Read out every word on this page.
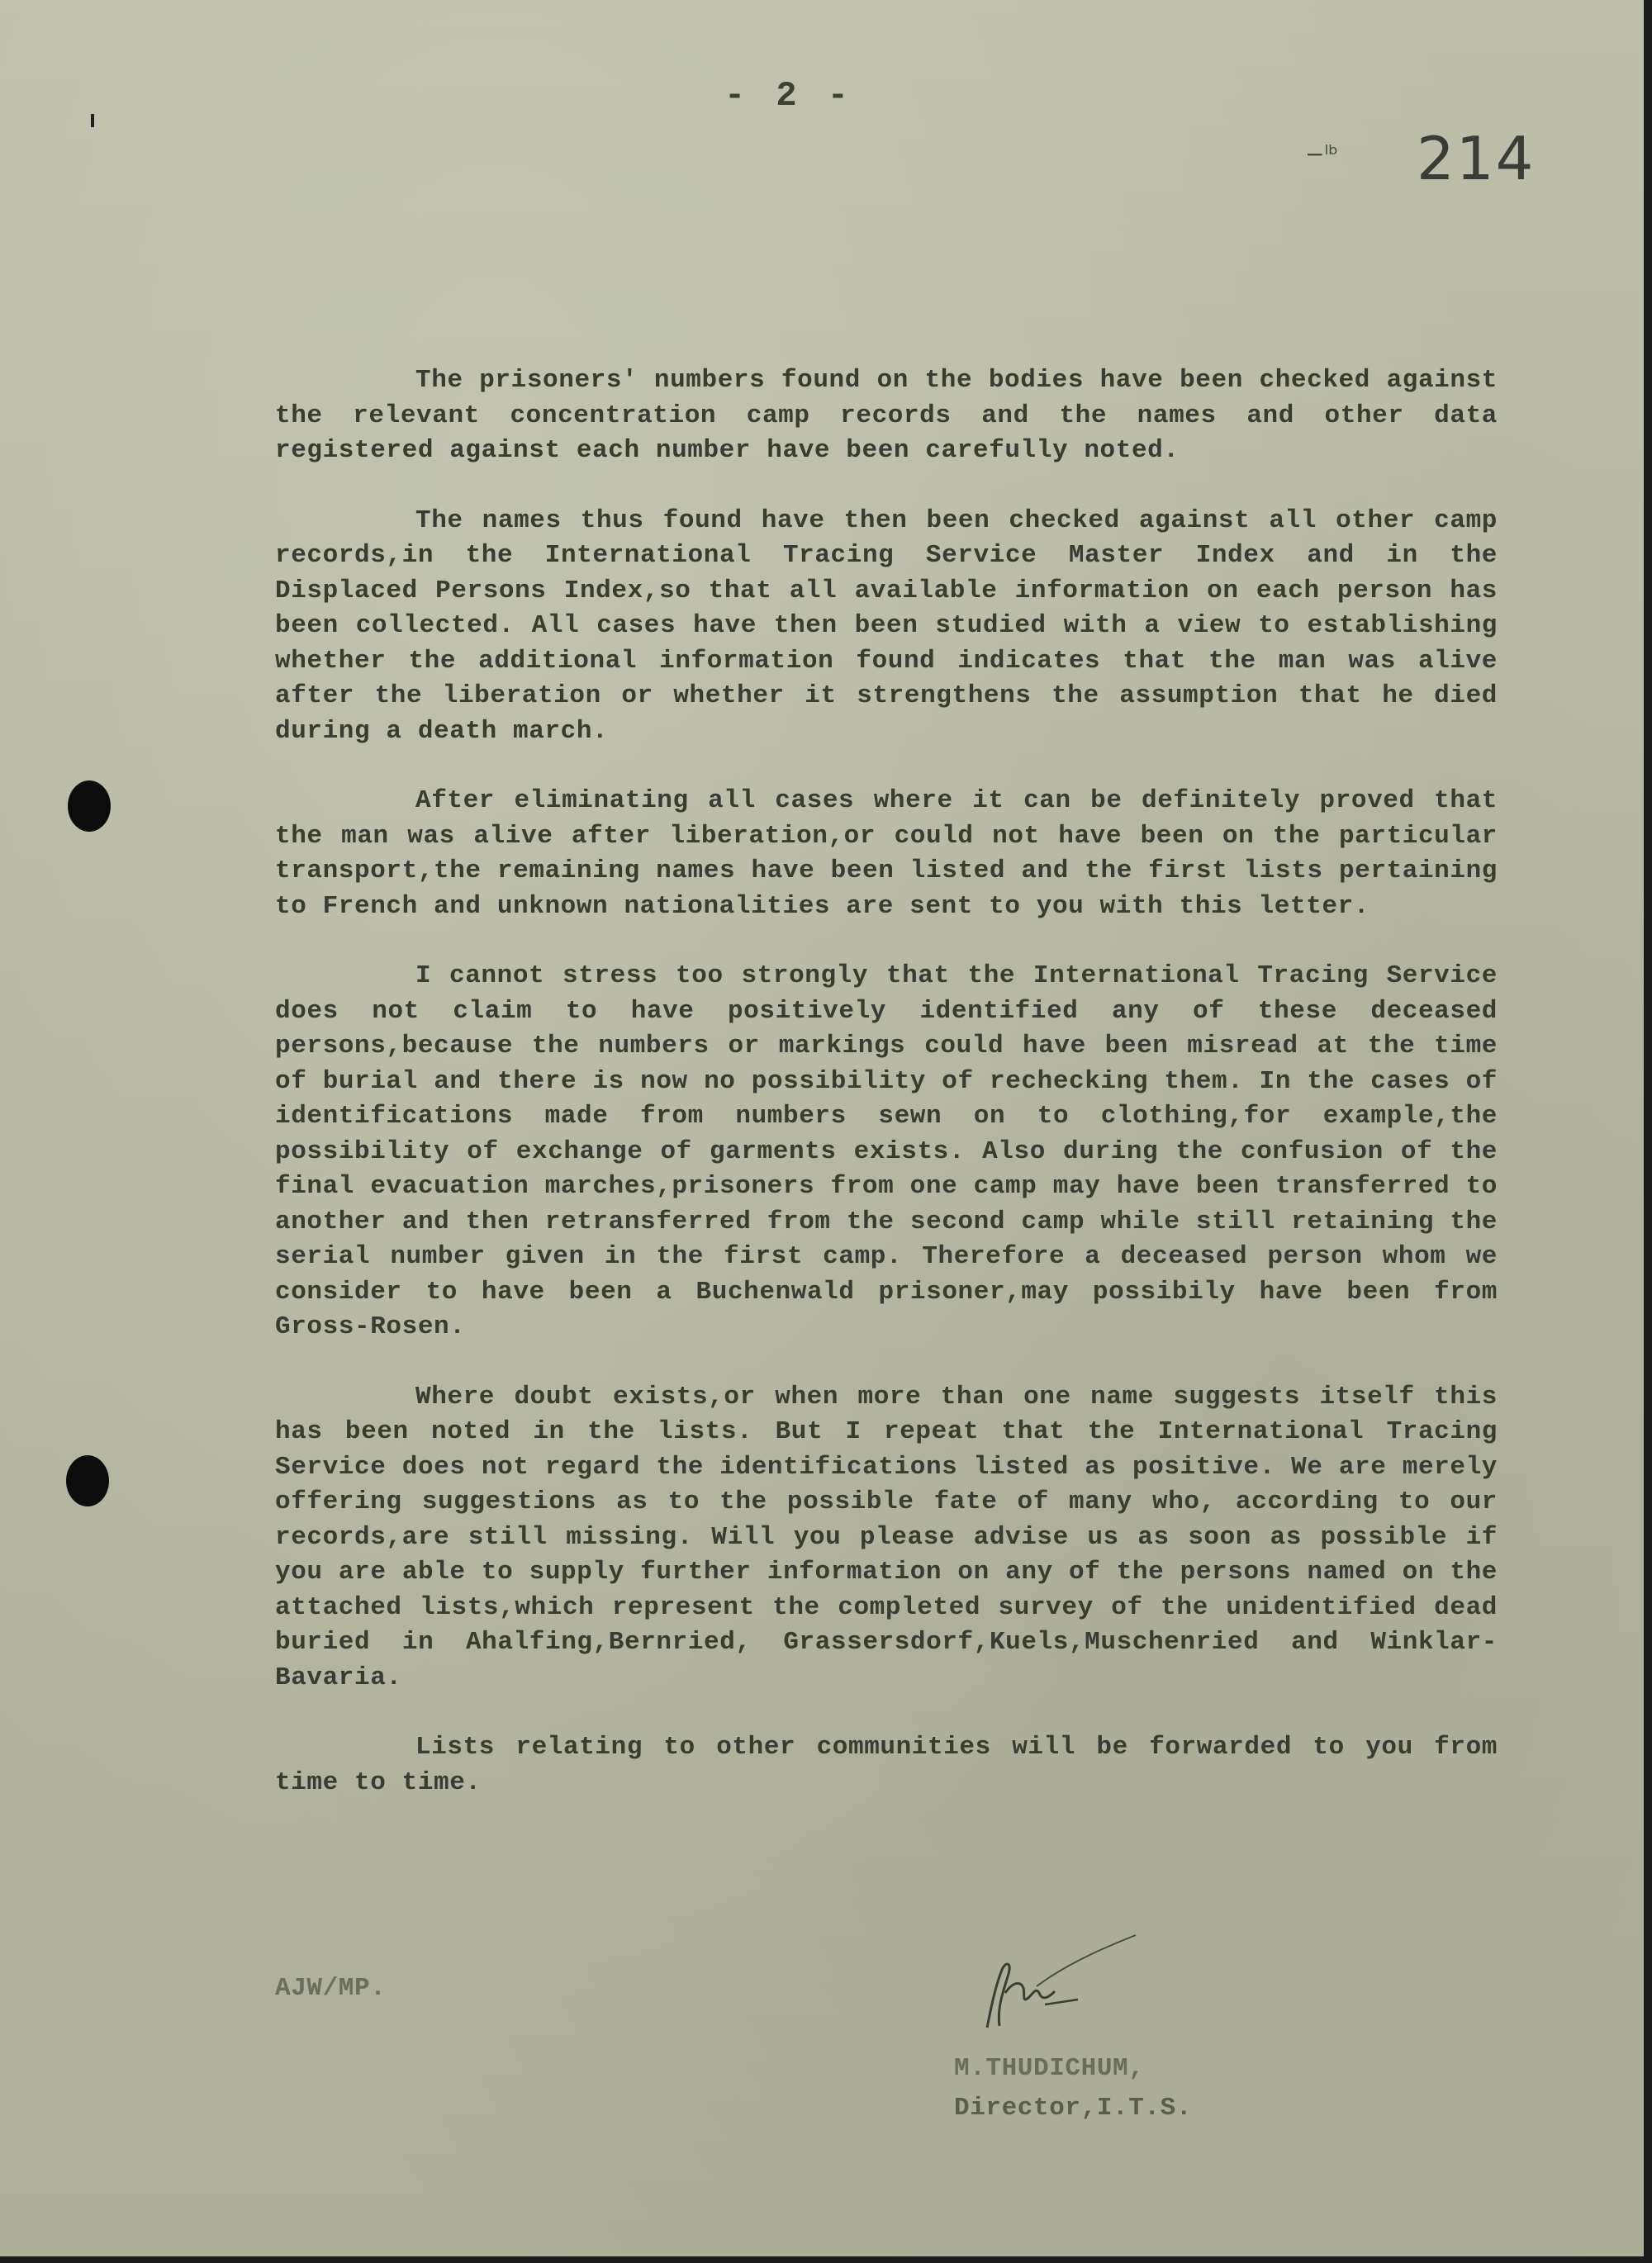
- 2 -
−ˡᵇ 214

The prisoners' numbers found on the bodies have been checked against the relevant concentration camp records and the names and other data registered against each number have been carefully noted.

The names thus found have then been checked against all other camp records,in the International Tracing Service Master Index and in the Displaced Persons Index,so that all available information on each person has been collected. All cases have then been studied with a view to establishing whether the additional information found indicates that the man was alive after the liberation or whether it strengthens the assumption that he died during a death march.

After eliminating all cases where it can be definitely proved that the man was alive after liberation,or could not have been on the particular transport,the remaining names have been listed and the first lists pertaining to French and unknown nationalities are sent to you with this letter.

I cannot stress too strongly that the International Tracing Service does not claim to have positively identified any of these deceased persons,because the numbers or markings could have been misread at the time of burial and there is now no possibility of rechecking them. In the cases of identifications made from numbers sewn on to clothing,for example,the possibility of exchange of garments exists. Also during the confusion of the final evacuation marches,prisoners from one camp may have been transferred to another and then retransferred from the second camp while still retaining the serial number given in the first camp. Therefore a deceased person whom we consider to have been a Buchenwald prisoner,may possibily have been from Gross-Rosen.

Where doubt exists,or when more than one name suggests itself this has been noted in the lists. But I repeat that the International Tracing Service does not regard the identifications listed as positive. We are merely offering suggestions as to the possible fate of many who, according to our records,are still missing. Will you please advise us as soon as possible if you are able to supply further information on any of the persons named on the attached lists,which represent the completed survey of the unidentified dead buried in Ahalfing,Bernried, Grassersdorf,Kuels,Muschenried and Winklar-Bavaria.

Lists relating to other communities will be forwarded to you from time to time.

M.THUDICHUM,
Director,I.T.S.
AJW/MP.
